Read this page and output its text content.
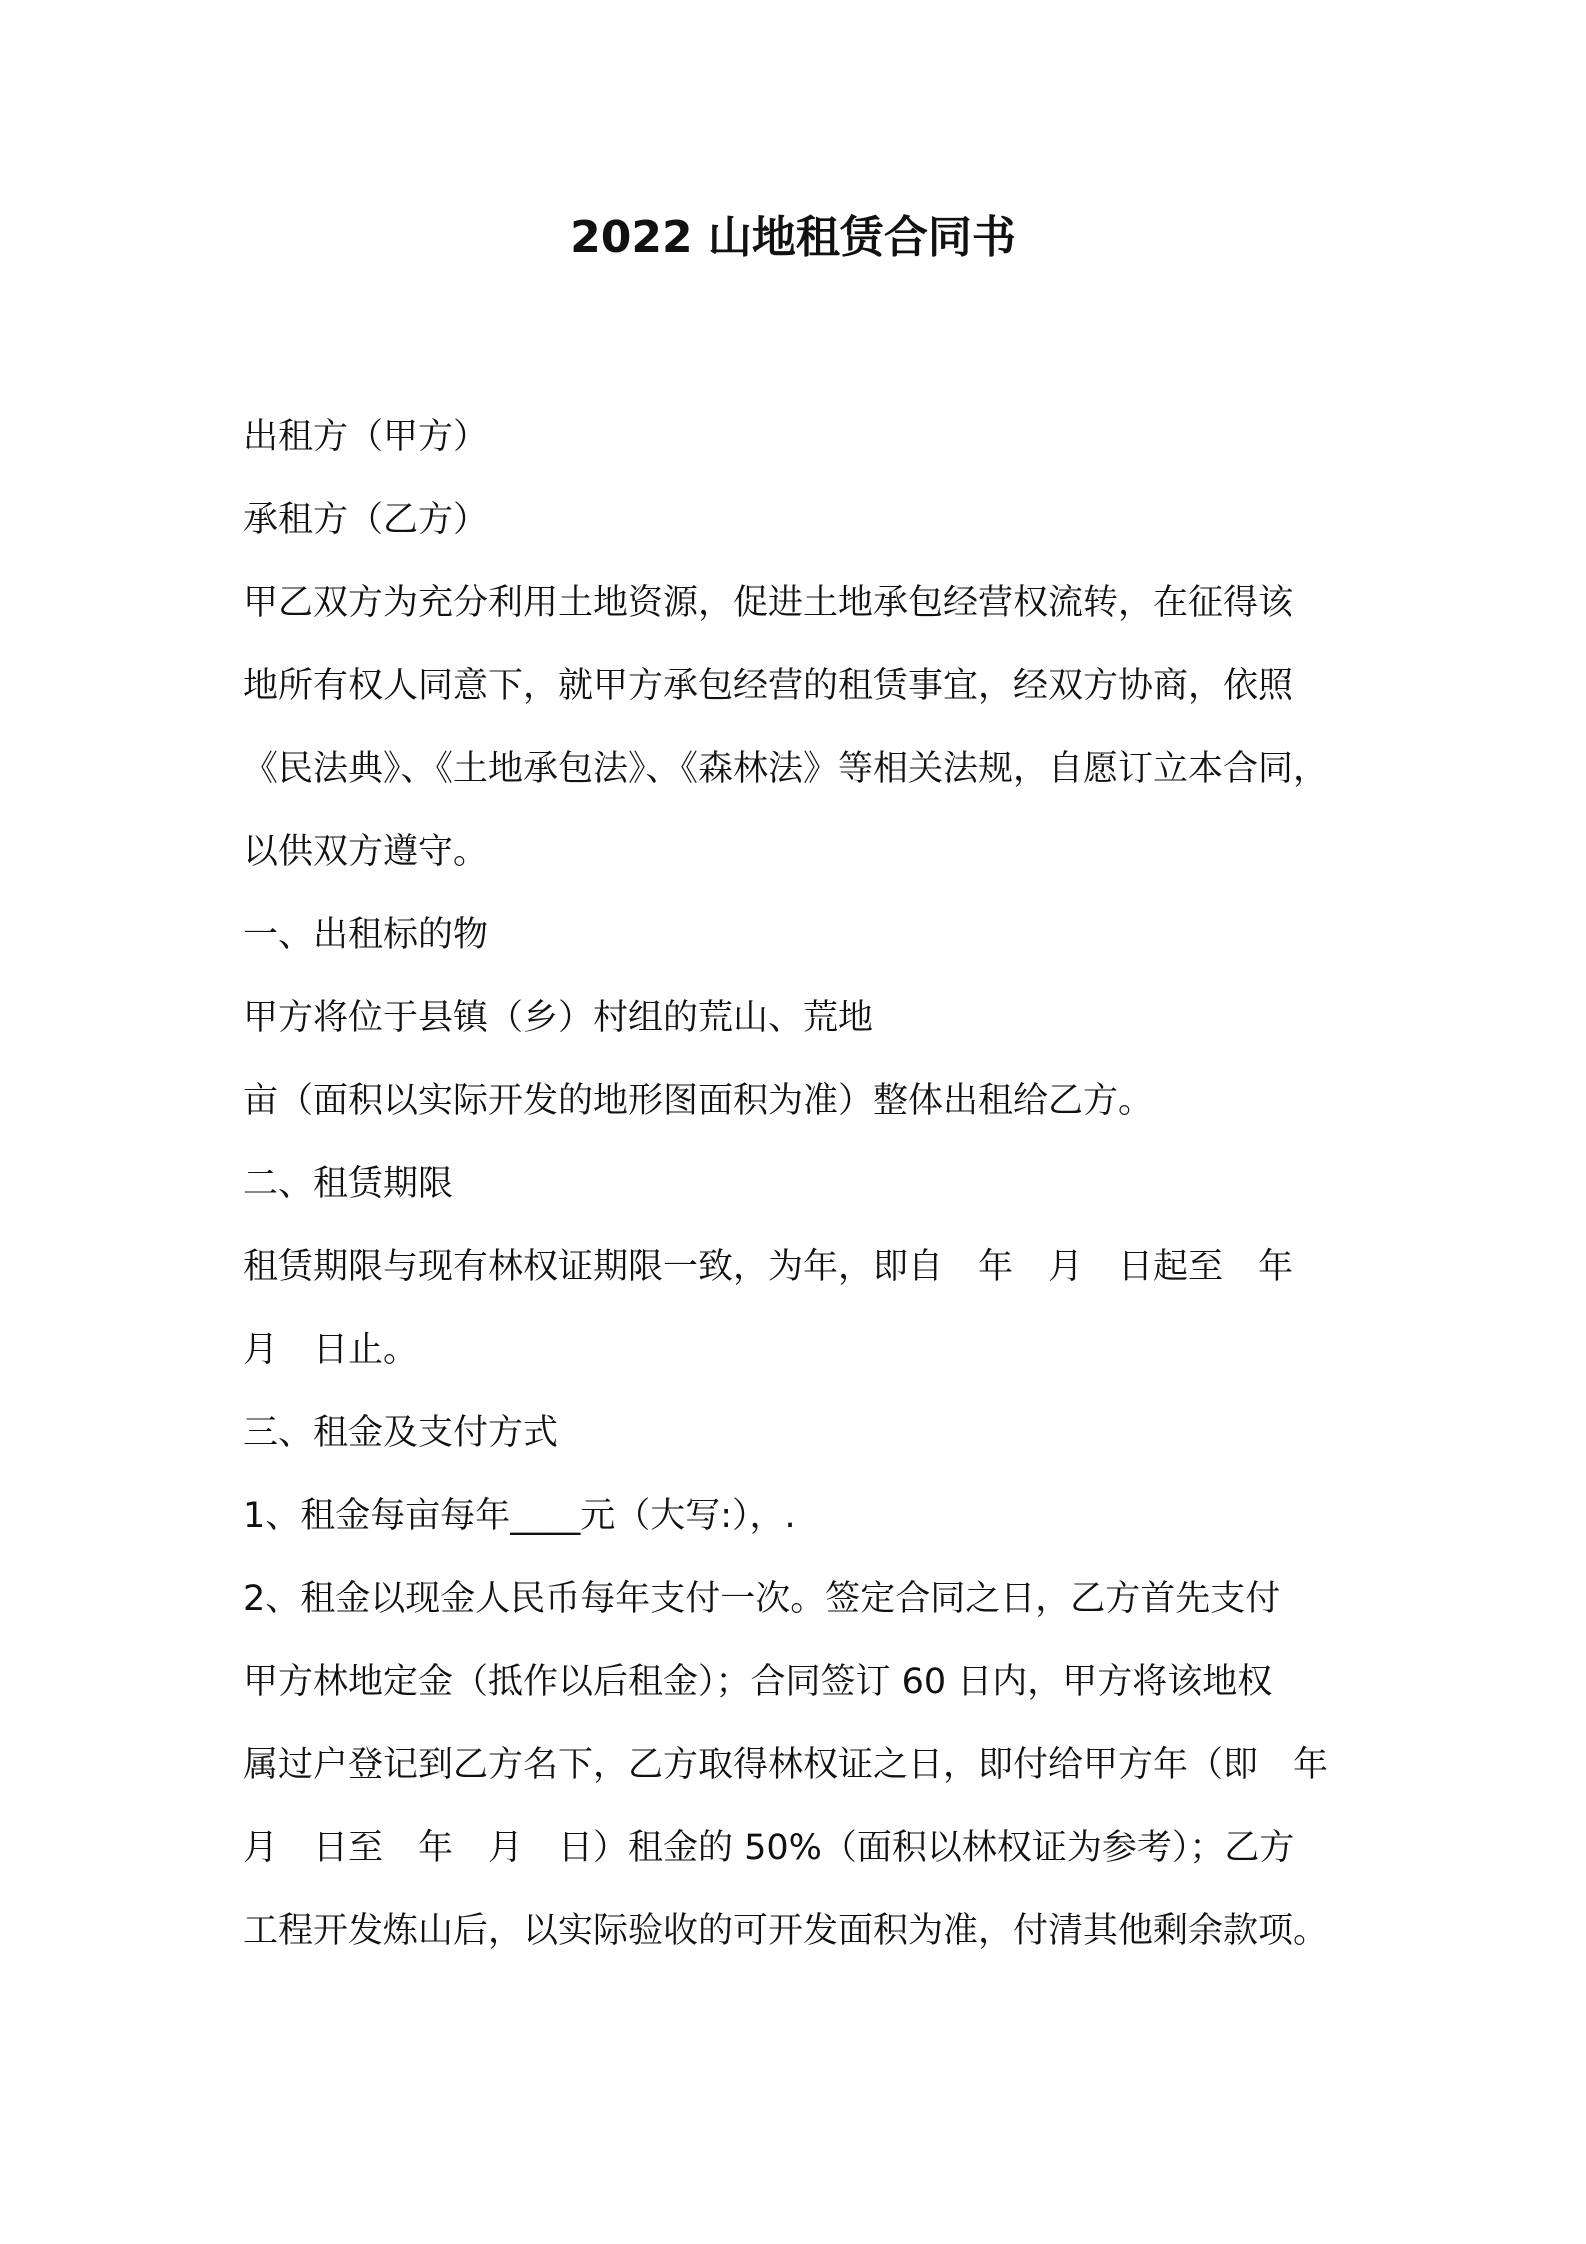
2022 山地租赁合同书
出租方（甲方）
承租方（乙方）
甲乙双方为充分利用土地资源，促进土地承包经营权流转，在征得该
地所有权人同意下，就甲方承包经营的租赁事宜，经双方协商，依照
《民法典》、《土地承包法》、《森林法》等相关法规，自愿订立本合同，
以供双方遵守。
一、出租标的物
甲方将位于县镇（乡）村组的荒山、荒地
亩（面积以实际开发的地形图面积为准）整体出租给乙方。
二、租赁期限
租赁期限与现有林权证期限一致，为年，即自　年　月　日起至　年
月　日止。
三、租金及支付方式
1、租金每亩每年____元（大写:），.
2、租金以现金人民币每年支付一次。签定合同之日，乙方首先支付
甲方林地定金（抵作以后租金）；合同签订 60 日内，甲方将该地权
属过户登记到乙方名下，乙方取得林权证之日，即付给甲方年（即　年
月　日至　年　月　日）租金的 50%（面积以林权证为参考）；乙方
工程开发炼山后，以实际验收的可开发面积为准，付清其他剩余款项。
